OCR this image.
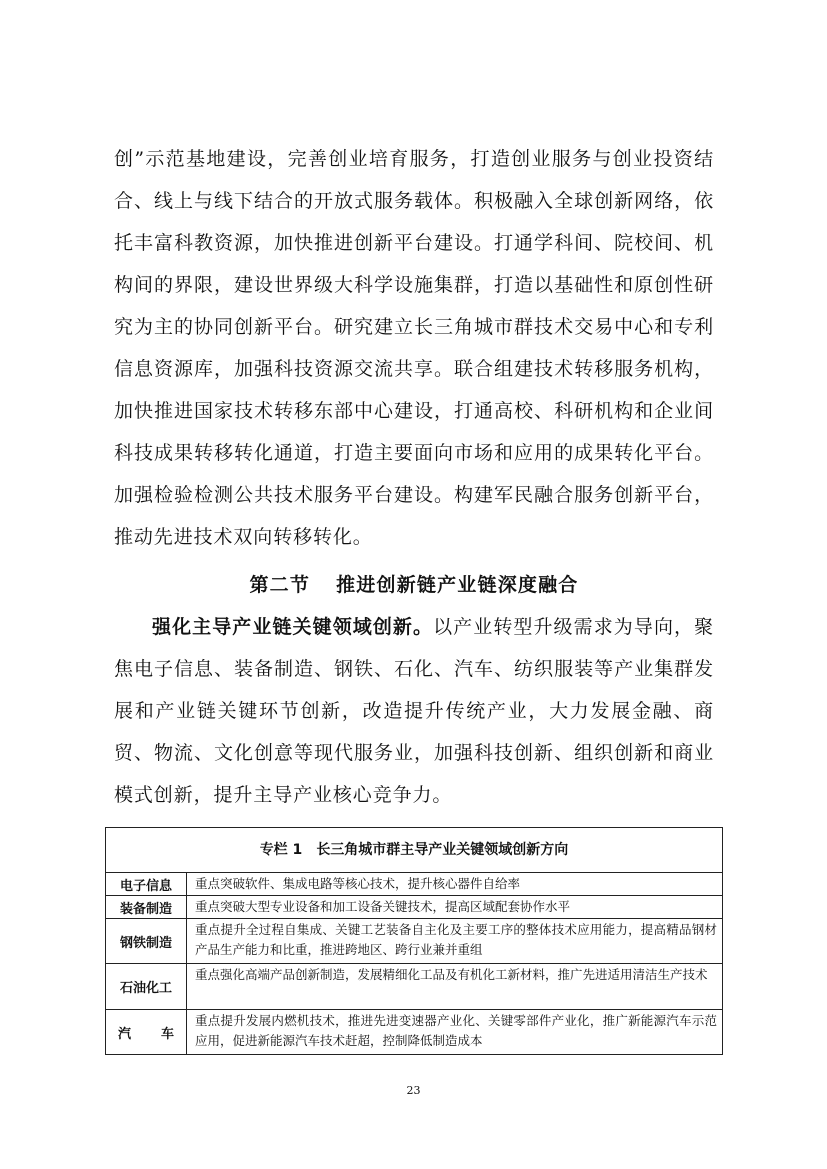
创”示范基地建设，完善创业培育服务，打造创业服务与创业投资结合、线上与线下结合的开放式服务载体。积极融入全球创新网络，依托丰富科教资源，加快推进创新平台建设。打通学科间、院校间、机构间的界限，建设世界级大科学设施集群，打造以基础性和原创性研究为主的协同创新平台。研究建立长三角城市群技术交易中心和专利信息资源库，加强科技资源交流共享。联合组建技术转移服务机构，加快推进国家技术转移东部中心建设，打通高校、科研机构和企业间科技成果转移转化通道，打造主要面向市场和应用的成果转化平台。加强检验检测公共技术服务平台建设。构建军民融合服务创新平台，推动先进技术双向转移转化。

第二节 推进创新链产业链深度融合

强化主导产业链关键领域创新。以产业转型升级需求为导向，聚焦电子信息、装备制造、钢铁、石化、汽车、纺织服装等产业集群发展和产业链关键环节创新，改造提升传统产业，大力发展金融、商贸、物流、文化创意等现代服务业，加强科技创新、组织创新和商业模式创新，提升主导产业核心竞争力。

专栏 1 长三角城市群主导产业关键领域创新方向
电子信息	重点突破软件、集成电路等核心技术，提升核心器件自给率
装备制造	重点突破大型专业设备和加工设备关键技术，提高区域配套协作水平
钢铁制造
重点提升全过程自集成、关键工艺装备自主化及主要工序的整体技术应用能力，提高精品钢材产品生产能力和比重，推进跨地区、跨行业兼并重组
石油化工
重点强化高端产品创新制造，发展精细化工品及有机化工新材料，推广先进适用清洁生产技术
汽 车
重点提升发展内燃机技术，推进先进变速器产业化、关键零部件产业化，推广新能源汽车示范应用，促进新能源汽车技术赶超，控制降低制造成本
23
